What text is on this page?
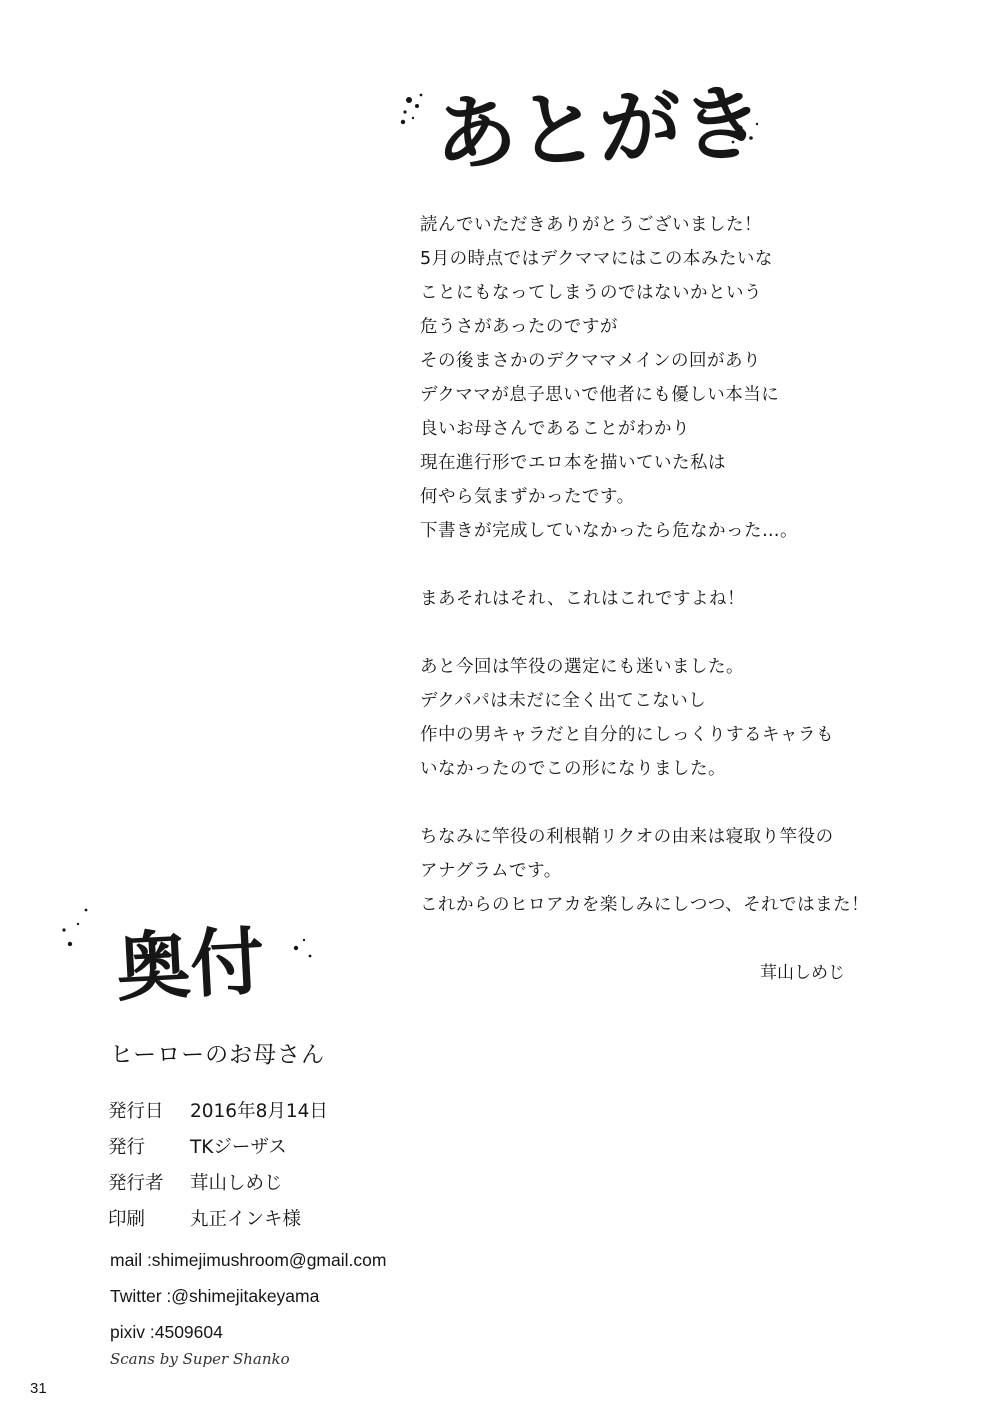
あとがき

読んでいただきありがとうございました！
5月の時点ではデクママにはこの本みたいな
ことにもなってしまうのではないかという
危うさがあったのですが
その後まさかのデクママメインの回があり
デクママが息子思いで他者にも優しい本当に
良いお母さんであることがわかり
現在進行形でエロ本を描いていた私は
何やら気まずかったです。
下書きが完成していなかったら危なかった…。

まあそれはそれ、これはこれですよね！

あと今回は竿役の選定にも迷いました。
デクパパは未だに全く出てこないし
作中の男キャラだと自分的にしっくりするキャラも
いなかったのでこの形になりました。

ちなみに竿役の利根鞘リクオの由来は寝取り竿役の
アナグラムです。
これからのヒロアカを楽しみにしつつ、それではまた！

茸山しめじ
奥付
ヒーローのお母さん
発行日	2016年8月14日
発行	TKジーザス
発行者	茸山しめじ
印刷	丸正インキ様
mail :shimejimushroom@gmail.com
Twitter :@shimejitakeyama
pixiv :4509604
Scans by Super Shanko
31
